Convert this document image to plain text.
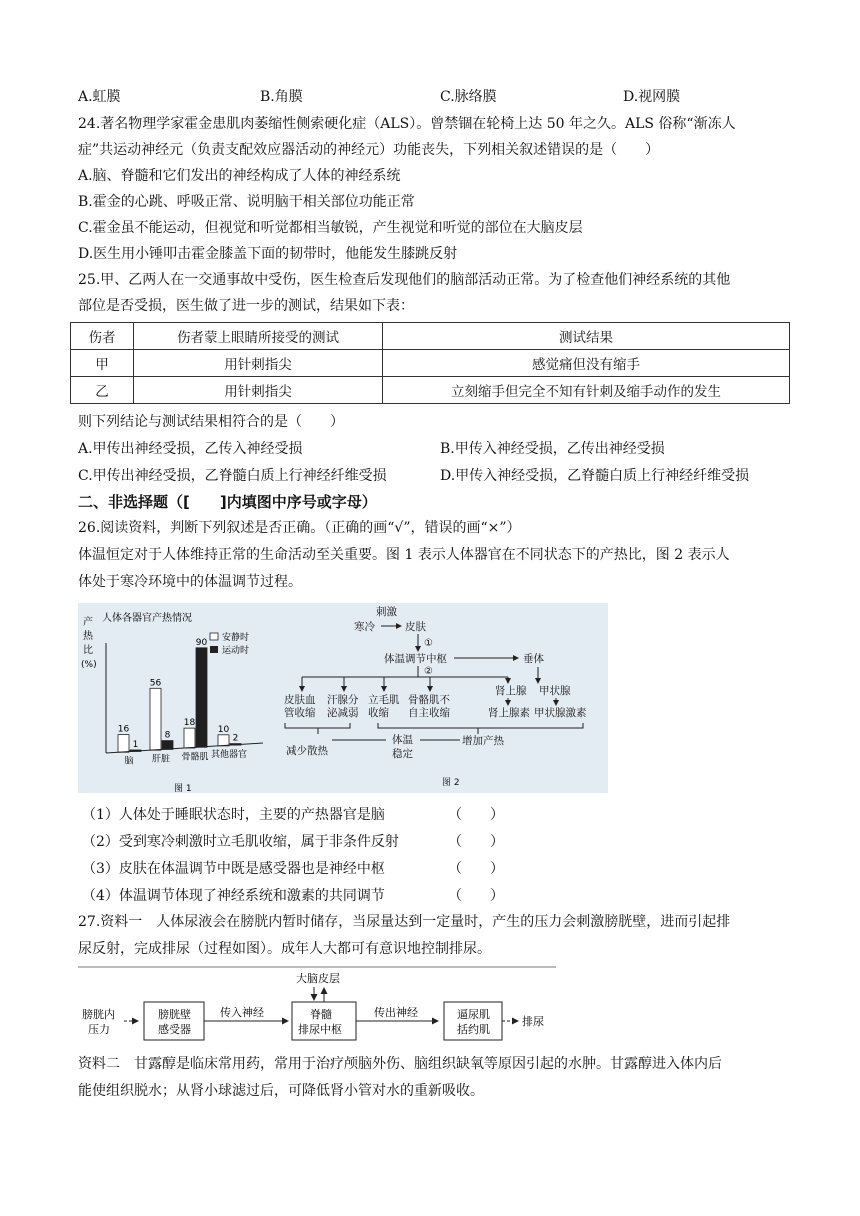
A.虹膜	B.角膜	C.脉络膜	D.视网膜
24.著名物理学家霍金患肌肉萎缩性侧索硬化症（ALS）。曾禁锢在轮椅上达 50 年之久。ALS 俗称“渐冻人
症”共运动神经元（负责支配效应器活动的神经元）功能丧失，下列相关叙述错误的是（　　）
A.脑、脊髓和它们发出的神经构成了人体的神经系统
B.霍金的心跳、呼吸正常、说明脑干相关部位功能正常
C.霍金虽不能运动，但视觉和听觉都相当敏锐，产生视觉和听觉的部位在大脑皮层
D.医生用小锤叩击霍金膝盖下面的韧带时，他能发生膝跳反射
25.甲、乙两人在一交通事故中受伤，医生检查后发现他们的脑部活动正常。为了检查他们神经系统的其他
部位是否受损，医生做了进一步的测试，结果如下表：
伤者	伤者蒙上眼睛所接受的测试	测试结果
甲	用针刺指尖	感觉痛但没有缩手
乙	用针刺指尖	立刻缩手但完全不知有针刺及缩手动作的发生
则下列结论与测试结果相符合的是（　　）
A.甲传出神经受损，乙传入神经受损	B.甲传入神经受损，乙传出神经受损
C.甲传出神经受损，乙脊髓白质上行神经纤维受损	D.甲传入神经受损，乙脊髓白质上行神经纤维受损
二、非选择题（[　　]内填图中序号或字母）
26.阅读资料，判断下列叙述是否正确。（正确的画“√”，错误的画“×”）
体温恒定对于人体维持正常的生命活动至关重要。图 1 表示人体器官在不同状态下的产热比，图 2 表示人
体处于寒冷环境中的体温调节过程。
产
热
比
(%)
人体各器官产热情况
安静时
运动时
16
1
脑
56
8
肝脏
18
90
骨骼肌
10
2
其他器官
图 1
刺激
寒冷	皮肤
①
体温调节中枢
②
垂体
皮肤血
管收缩
汗腺分
泌减弱
立毛肌
收缩
骨骼肌不
自主收缩
肾上腺
肾上腺素
甲状腺
甲状腺激素
体温
减少散热	稳定
增加产热
图 2
（1）人体处于睡眠状态时，主要的产热器官是脑	（　　）
（2）受到寒冷刺激时立毛肌收缩，属于非条件反射	（　　）
（3）皮肤在体温调节中既是感受器也是神经中枢	（　　）
（4）体温调节体现了神经系统和激素的共同调节	（　　）
27.资料一　人体尿液会在膀胱内暂时储存，当尿量达到一定量时，产生的压力会刺激膀胱壁，进而引起排
尿反射，完成排尿（过程如图）。成年人大都可有意识地控制排尿。
膀胱内
压力
膀胱壁
感受器
传入神经
大脑皮层
脊髓
排尿中枢
传出神经	逼尿肌
括约肌
排尿
资料二　甘露醇是临床常用药，常用于治疗颅脑外伤、脑组织缺氧等原因引起的水肿。甘露醇进入体内后
能使组织脱水；从肾小球滤过后，可降低肾小管对水的重新吸收。
